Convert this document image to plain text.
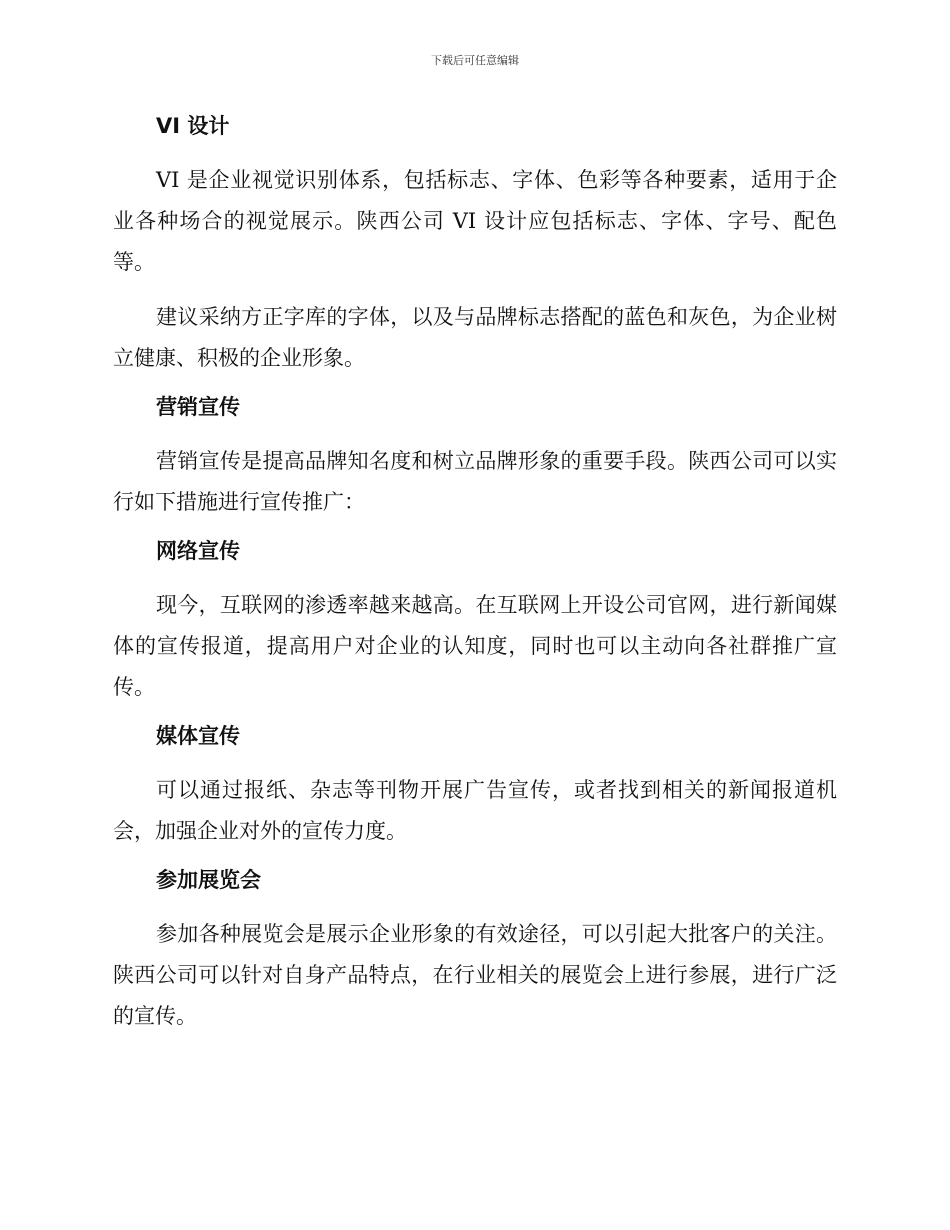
下载后可任意编辑
VI 设计

VI 是企业视觉识别体系，包括标志、字体、色彩等各种要素，适用于企业各种场合的视觉展示。陕西公司 VI 设计应包括标志、字体、字号、配色等。

建议采纳方正字库的字体，以及与品牌标志搭配的蓝色和灰色，为企业树立健康、积极的企业形象。

营销宣传

营销宣传是提高品牌知名度和树立品牌形象的重要手段。陕西公司可以实行如下措施进行宣传推广：

网络宣传

现今，互联网的渗透率越来越高。在互联网上开设公司官网，进行新闻媒体的宣传报道，提高用户对企业的认知度，同时也可以主动向各社群推广宣传。

媒体宣传

可以通过报纸、杂志等刊物开展广告宣传，或者找到相关的新闻报道机会，加强企业对外的宣传力度。

参加展览会

参加各种展览会是展示企业形象的有效途径，可以引起大批客户的关注。陕西公司可以针对自身产品特点，在行业相关的展览会上进行参展，进行广泛的宣传。
